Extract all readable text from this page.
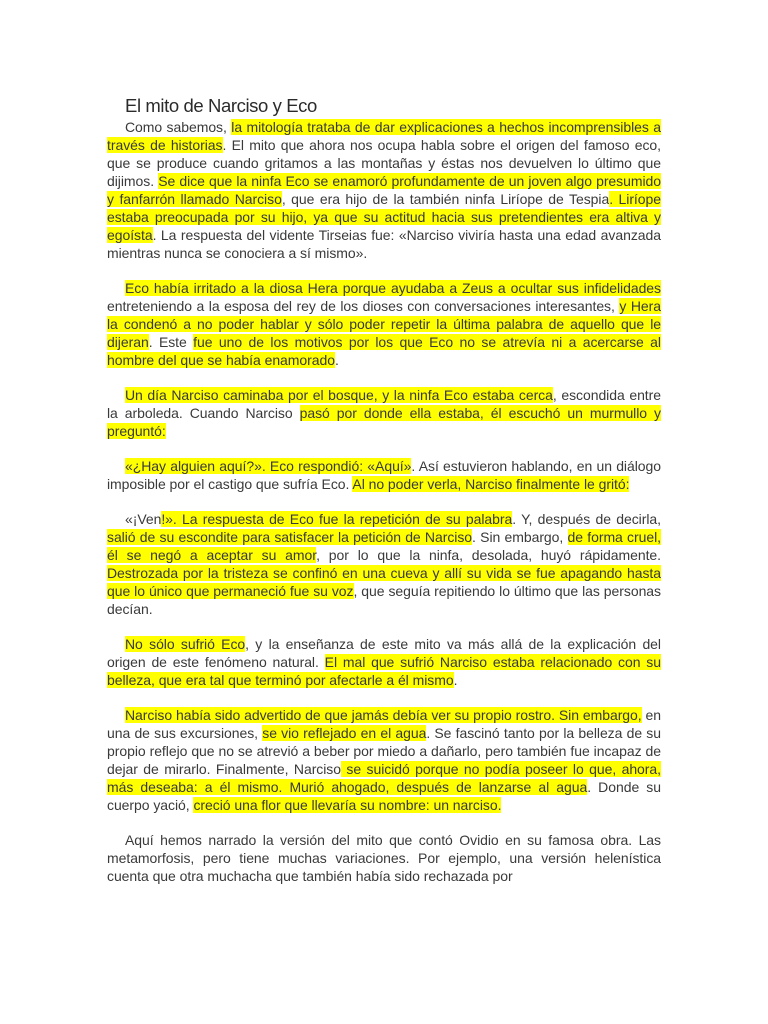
El mito de Narciso y Eco

Como sabemos, la mitología trataba de dar explicaciones a hechos incomprensibles a través de historias. El mito que ahora nos ocupa habla sobre el origen del famoso eco, que se produce cuando gritamos a las montañas y éstas nos devuelven lo último que dijimos. Se dice que la ninfa Eco se enamoró profundamente de un joven algo presumido y fanfarrón llamado Narciso, que era hijo de la también ninfa Liríope de Tespia. Liríope estaba preocupada por su hijo, ya que su actitud hacia sus pretendientes era altiva y egoísta. La respuesta del vidente Tirseias fue: «Narciso viviría hasta una edad avanzada mientras nunca se conociera a sí mismo».

Eco había irritado a la diosa Hera porque ayudaba a Zeus a ocultar sus infidelidades entreteniendo a la esposa del rey de los dioses con conversaciones interesantes, y Hera la condenó a no poder hablar y sólo poder repetir la última palabra de aquello que le dijeran. Este fue uno de los motivos por los que Eco no se atrevía ni a acercarse al hombre del que se había enamorado.

Un día Narciso caminaba por el bosque, y la ninfa Eco estaba cerca, escondida entre la arboleda. Cuando Narciso pasó por donde ella estaba, él escuchó un murmullo y preguntó:

«¿Hay alguien aquí?». Eco respondió: «Aquí». Así estuvieron hablando, en un diálogo imposible por el castigo que sufría Eco. Al no poder verla, Narciso finalmente le gritó:

«¡Ven!». La respuesta de Eco fue la repetición de su palabra. Y, después de decirla, salió de su escondite para satisfacer la petición de Narciso. Sin embargo, de forma cruel, él se negó a aceptar su amor, por lo que la ninfa, desolada, huyó rápidamente. Destrozada por la tristeza se confinó en una cueva y allí su vida se fue apagando hasta que lo único que permaneció fue su voz, que seguía repitiendo lo último que las personas decían.

No sólo sufrió Eco, y la enseñanza de este mito va más allá de la explicación del origen de este fenómeno natural. El mal que sufrió Narciso estaba relacionado con su belleza, que era tal que terminó por afectarle a él mismo.

Narciso había sido advertido de que jamás debía ver su propio rostro. Sin embargo, en una de sus excursiones, se vio reflejado en el agua. Se fascinó tanto por la belleza de su propio reflejo que no se atrevió a beber por miedo a dañarlo, pero también fue incapaz de dejar de mirarlo. Finalmente, Narciso se suicidó porque no podía poseer lo que, ahora, más deseaba: a él mismo. Murió ahogado, después de lanzarse al agua. Donde su cuerpo yació, creció una flor que llevaría su nombre: un narciso.

Aquí hemos narrado la versión del mito que contó Ovidio en su famosa obra. Las metamorfosis, pero tiene muchas variaciones. Por ejemplo, una versión helenística cuenta que otra muchacha que también había sido rechazada por
